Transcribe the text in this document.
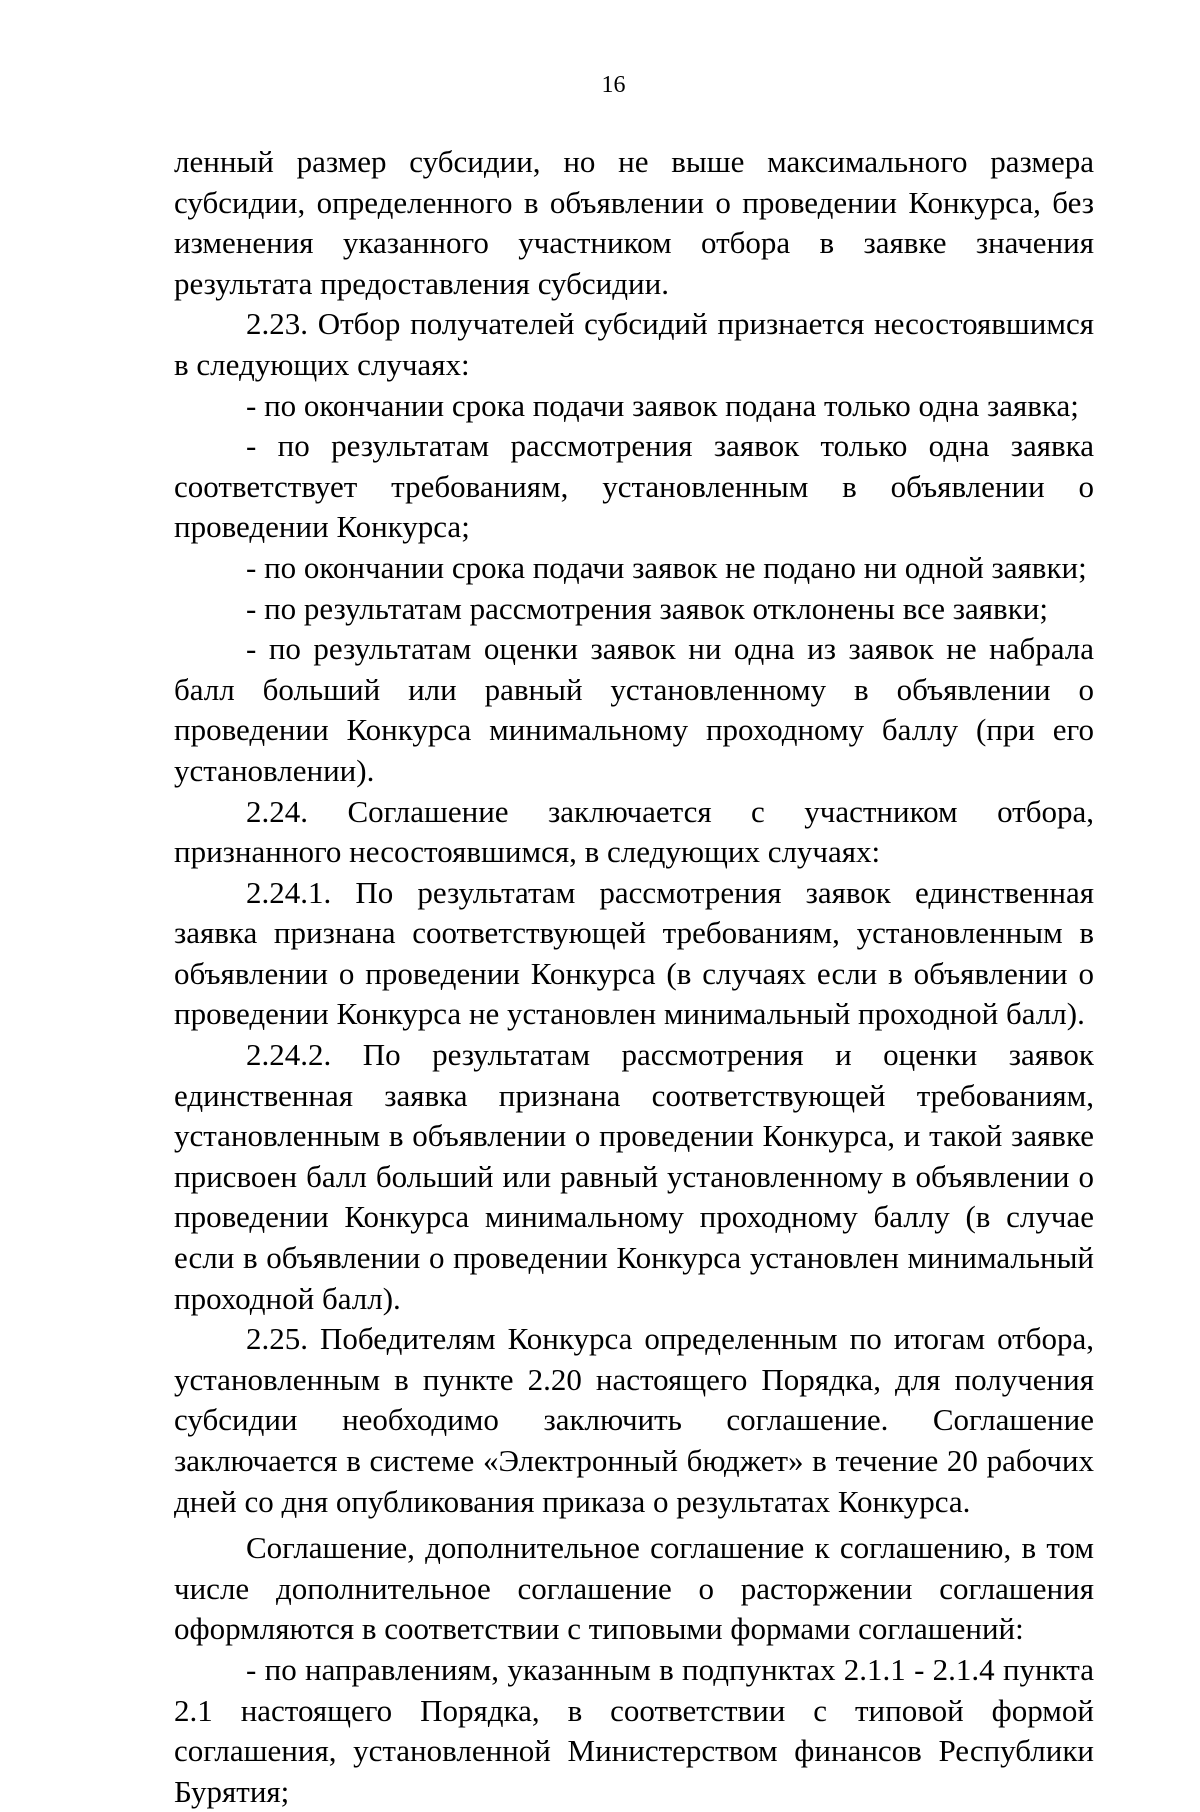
16

ленный размер субсидии, но не выше максимального размера субсидии, определенного в объявлении о проведении Конкурса, без изменения указанного участником отбора в заявке значения результата предоставления субсидии.

2.23. Отбор получателей субсидий признается несостоявшимся в следующих случаях:

- по окончании срока подачи заявок подана только одна заявка;

- по результатам рассмотрения заявок только одна заявка соответствует требованиям, установленным в объявлении о проведении Конкурса;

- по окончании срока подачи заявок не подано ни одной заявки;

- по результатам рассмотрения заявок отклонены все заявки;

- по результатам оценки заявок ни одна из заявок не набрала балл больший или равный установленному в объявлении о проведении Конкурса минимальному проходному баллу (при его установлении).

2.24. Соглашение заключается с участником отбора, признанного несостоявшимся, в следующих случаях:

2.24.1. По результатам рассмотрения заявок единственная заявка признана соответствующей требованиям, установленным в объявлении о проведении Конкурса (в случаях если в объявлении о проведении Конкурса не установлен минимальный проходной балл).

2.24.2. По результатам рассмотрения и оценки заявок единственная заявка признана соответствующей требованиям, установленным в объявлении о проведении Конкурса, и такой заявке присвоен балл больший или равный установленному в объявлении о проведении Конкурса минимальному проходному баллу (в случае если в объявлении о проведении Конкурса установлен минимальный проходной балл).

2.25. Победителям Конкурса определенным по итогам отбора, установленным в пункте 2.20 настоящего Порядка, для получения субсидии необходимо заключить соглашение. Соглашение заключается в системе «Электронный бюджет» в течение 20 рабочих дней со дня опубликования приказа о результатах Конкурса.

Соглашение, дополнительное соглашение к соглашению, в том числе дополнительное соглашение о расторжении соглашения оформляются в соответствии с типовыми формами соглашений:

- по направлениям, указанным в подпунктах 2.1.1 - 2.1.4 пункта 2.1 настоящего Порядка, в соответствии с типовой формой соглашения, установленной Министерством финансов Республики Бурятия;
